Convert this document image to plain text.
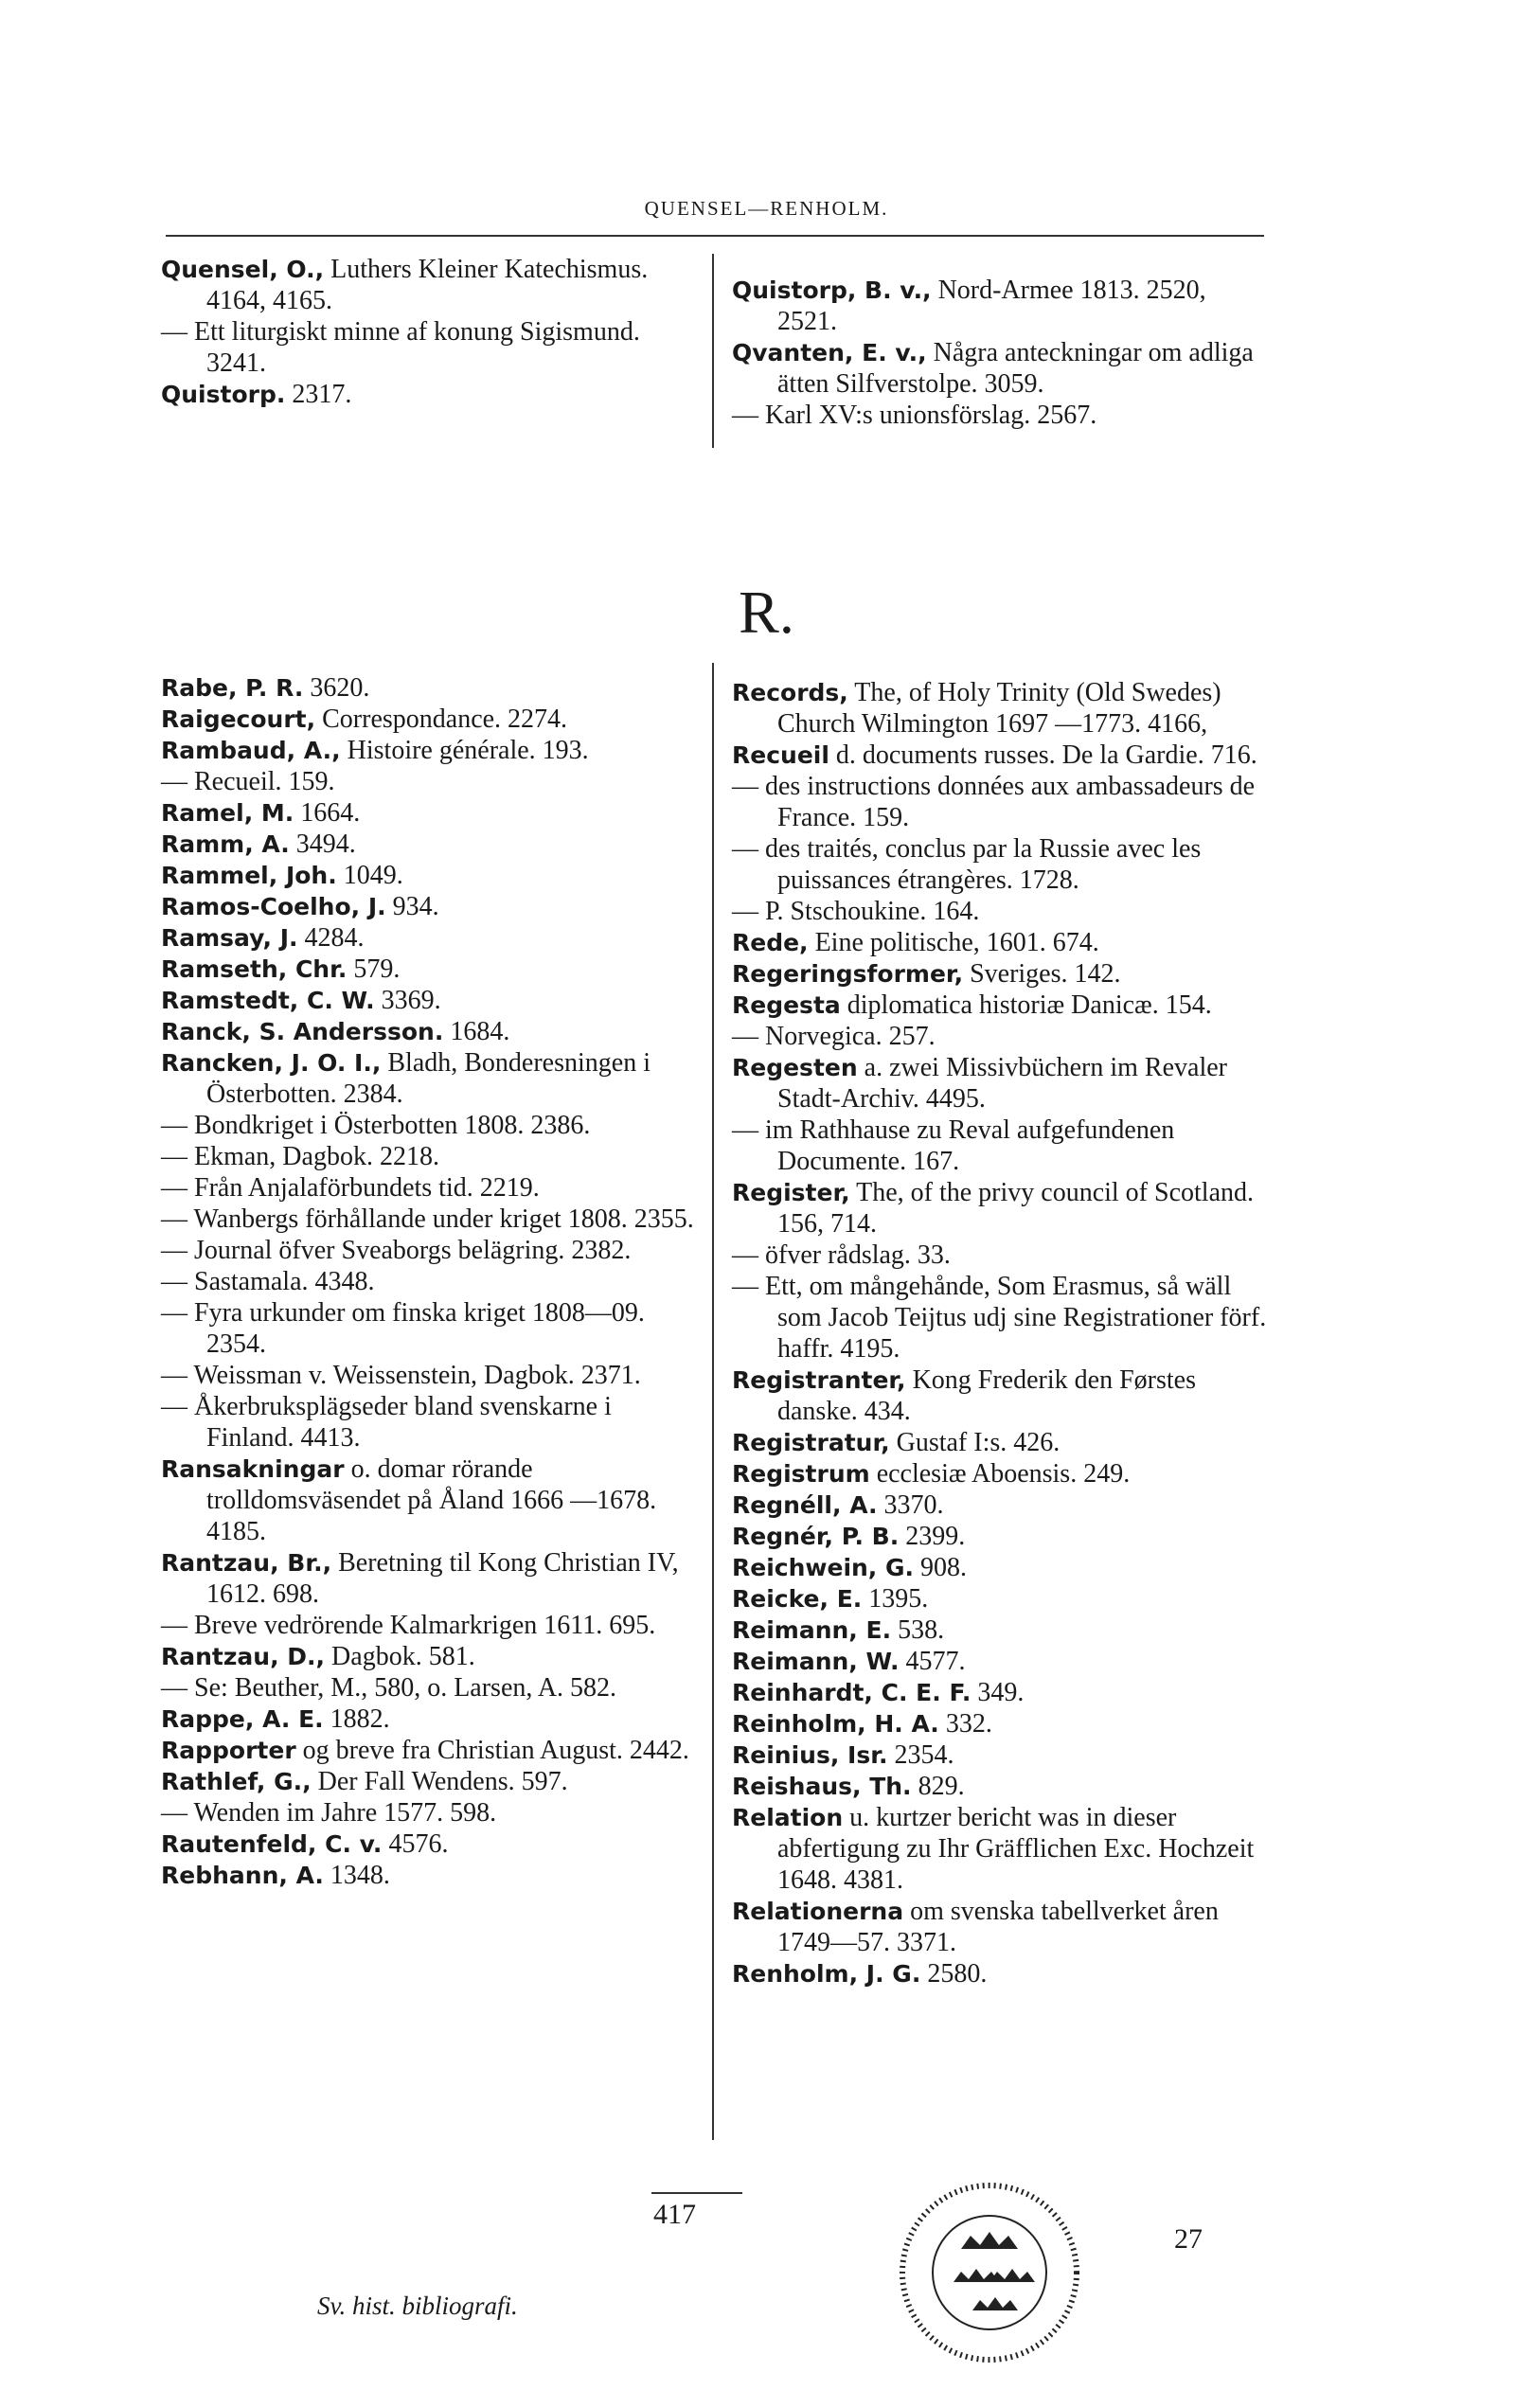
QUENSEL—RENHOLM.

Quensel, O., Luthers Kleiner Katechismus. 4164, 4165.

— Ett liturgiskt minne af konung Sigismund. 3241.

Quistorp. 2317.

Quistorp, B. v., Nord-Armee 1813. 2520, 2521.

Qvanten, E. v., Några anteckningar om adliga ätten Silfverstolpe. 3059.

— Karl XV:s unionsförslag. 2567.

R.

Rabe, P. R. 3620.

Raigecourt, Correspondance. 2274.

Rambaud, A., Histoire générale. 193.

— Recueil. 159.

Ramel, M. 1664.

Ramm, A. 3494.

Rammel, Joh. 1049.

Ramos-Coelho, J. 934.

Ramsay, J. 4284.

Ramseth, Chr. 579.

Ramstedt, C. W. 3369.

Ranck, S. Andersson. 1684.

Rancken, J. O. I., Bladh, Bonderesningen i Österbotten. 2384.

— Bondkriget i Österbotten 1808. 2386.

— Ekman, Dagbok. 2218.

— Från Anjalaförbundets tid. 2219.

— Wanbergs förhållande under kriget 1808. 2355.

— Journal öfver Sveaborgs belägring. 2382.

— Sastamala. 4348.

— Fyra urkunder om finska kriget 1808—09. 2354.

— Weissman v. Weissenstein, Dagbok. 2371.

— Åkerbruksplägseder bland svenskarne i Finland. 4413.

Ransakningar o. domar rörande trolldomsväsendet på Åland 1666 —1678. 4185.

Rantzau, Br., Beretning til Kong Christian IV, 1612. 698.

— Breve vedrörende Kalmarkrigen 1611. 695.

Rantzau, D., Dagbok. 581.

— Se: Beuther, M., 580, o. Larsen, A. 582.

Rappe, A. E. 1882.

Rapporter og breve fra Christian August. 2442.

Rathlef, G., Der Fall Wendens. 597.

— Wenden im Jahre 1577. 598.

Rautenfeld, C. v. 4576.

Rebhann, A. 1348.

Records, The, of Holy Trinity (Old Swedes) Church Wilmington 1697 —1773. 4166,

Recueil d. documents russes. De la Gardie. 716.

— des instructions données aux ambassadeurs de France. 159.

— des traités, conclus par la Russie avec les puissances étrangères. 1728.

— P. Stschoukine. 164.

Rede, Eine politische, 1601. 674.

Regeringsformer, Sveriges. 142.

Regesta diplomatica historiæ Danicæ. 154.

— Norvegica. 257.

Regesten a. zwei Missivbüchern im Revaler Stadt-Archiv. 4495.

— im Rathhause zu Reval aufgefundenen Documente. 167.

Register, The, of the privy council of Scotland. 156, 714.

— öfver rådslag. 33.

— Ett, om mångehånde, Som Erasmus, så wäll som Jacob Teijtus udj sine Registrationer förf. haffr. 4195.

Registranter, Kong Frederik den Førstes danske. 434.

Registratur, Gustaf I:s. 426.

Registrum ecclesiæ Aboensis. 249.

Regnéll, A. 3370.

Regnér, P. B. 2399.

Reichwein, G. 908.

Reicke, E. 1395.

Reimann, E. 538.

Reimann, W. 4577.

Reinhardt, C. E. F. 349.

Reinholm, H. A. 332.

Reinius, Isr. 2354.

Reishaus, Th. 829.

Relation u. kurtzer bericht was in dieser abfertigung zu Ihr Gräfflichen Exc. Hochzeit 1648. 4381.

Relationerna om svenska tabellverket åren 1749—57. 3371.

Renholm, J. G. 2580.

417
Sv. hist. bibliografi.
27
